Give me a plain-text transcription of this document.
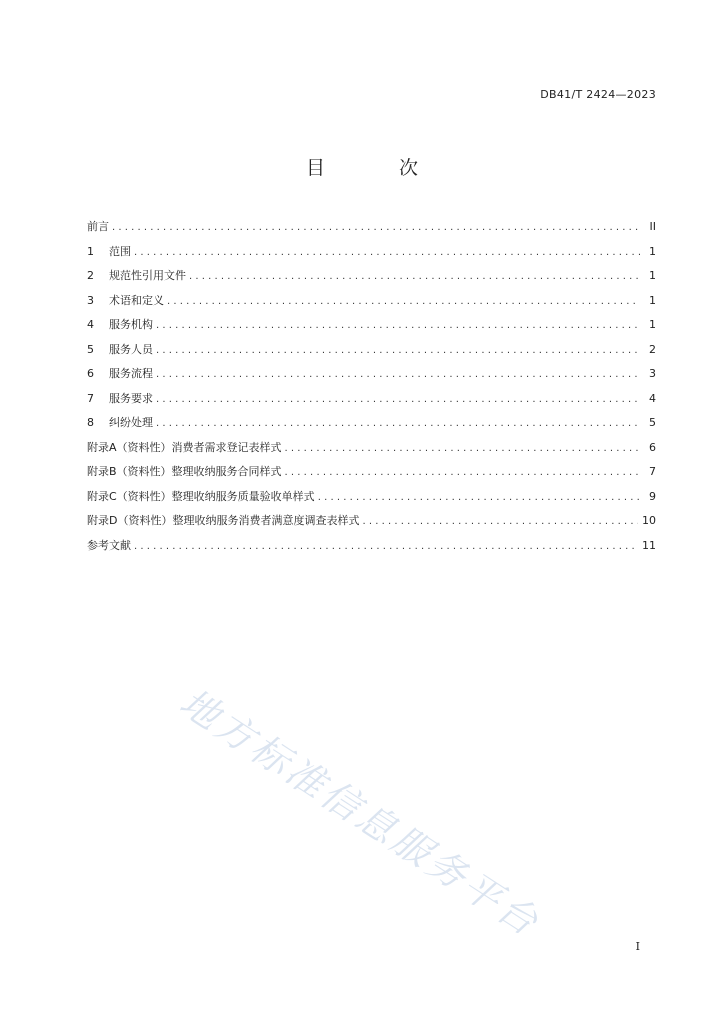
DB41/T 2424—2023
目 次
前言 .....	II
1	范围 .....	1
2	规范性引用文件 .....	1
3	术语和定义 .....	1
4	服务机构 .....	1
5	服务人员 .....	2
6	服务流程 .....	3
7	服务要求 .....	4
8	纠纷处理 .....	5
附录A（资料性）消费者需求登记表样式 .....	6
附录B（资料性）整理收纳服务合同样式 .....	7
附录C（资料性）整理收纳服务质量验收单样式 .....	9
附录D（资料性）整理收纳服务消费者满意度调查表样式 .....	10
参考文献 .....	11
地方标准信息服务平台
I
